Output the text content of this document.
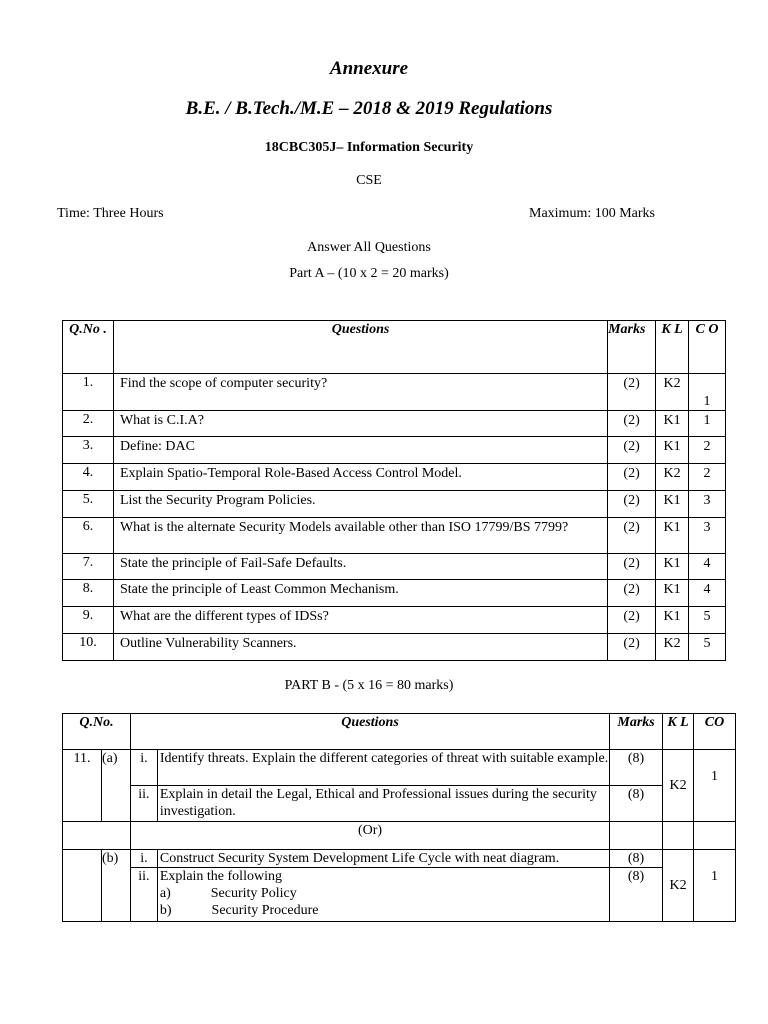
Annexure
B.E. / B.Tech./M.E – 2018 & 2019 Regulations
18CBC305J– Information Security
CSE
Time: Three Hours	Maximum: 100 Marks
Answer All Questions
Part A – (10 x 2 = 20 marks)
Q.No .	Questions	Marks	K L	C O
1.	Find the scope of computer security?	(2)	K2	1
2.	What is C.I.A?	(2)	K1	1
3.	Define: DAC	(2)	K1	2
4.	Explain Spatio-Temporal Role-Based Access Control Model.	(2)	K2	2
5.	List the Security Program Policies.	(2)	K1	3
6.	What is the alternate Security Models available other than ISO 17799/BS 7799?	(2)	K1	3
7.	State the principle of Fail-Safe Defaults.	(2)	K1	4
8.	State the principle of Least Common Mechanism.	(2)	K1	4
9.	What are the different types of IDSs?	(2)	K1	5
10.	Outline Vulnerability Scanners.	(2)	K2	5
PART B - (5 x 16 = 80 marks)
Q.No.		Questions		Marks	K L	CO
11.	(a)	i.	Identify threats. Explain the different categories of threat with suitable example.	(8)	K2	1
		ii.	Explain in detail the Legal, Ethical and Professional issues during the security investigation.	(8)		
		(Or)				
	(b)	i.	Construct Security System Development Life Cycle with neat diagram.	(8)	K2	1
		ii.	Explain the following
a) Security Policy
b) Security Procedure	(8)		
